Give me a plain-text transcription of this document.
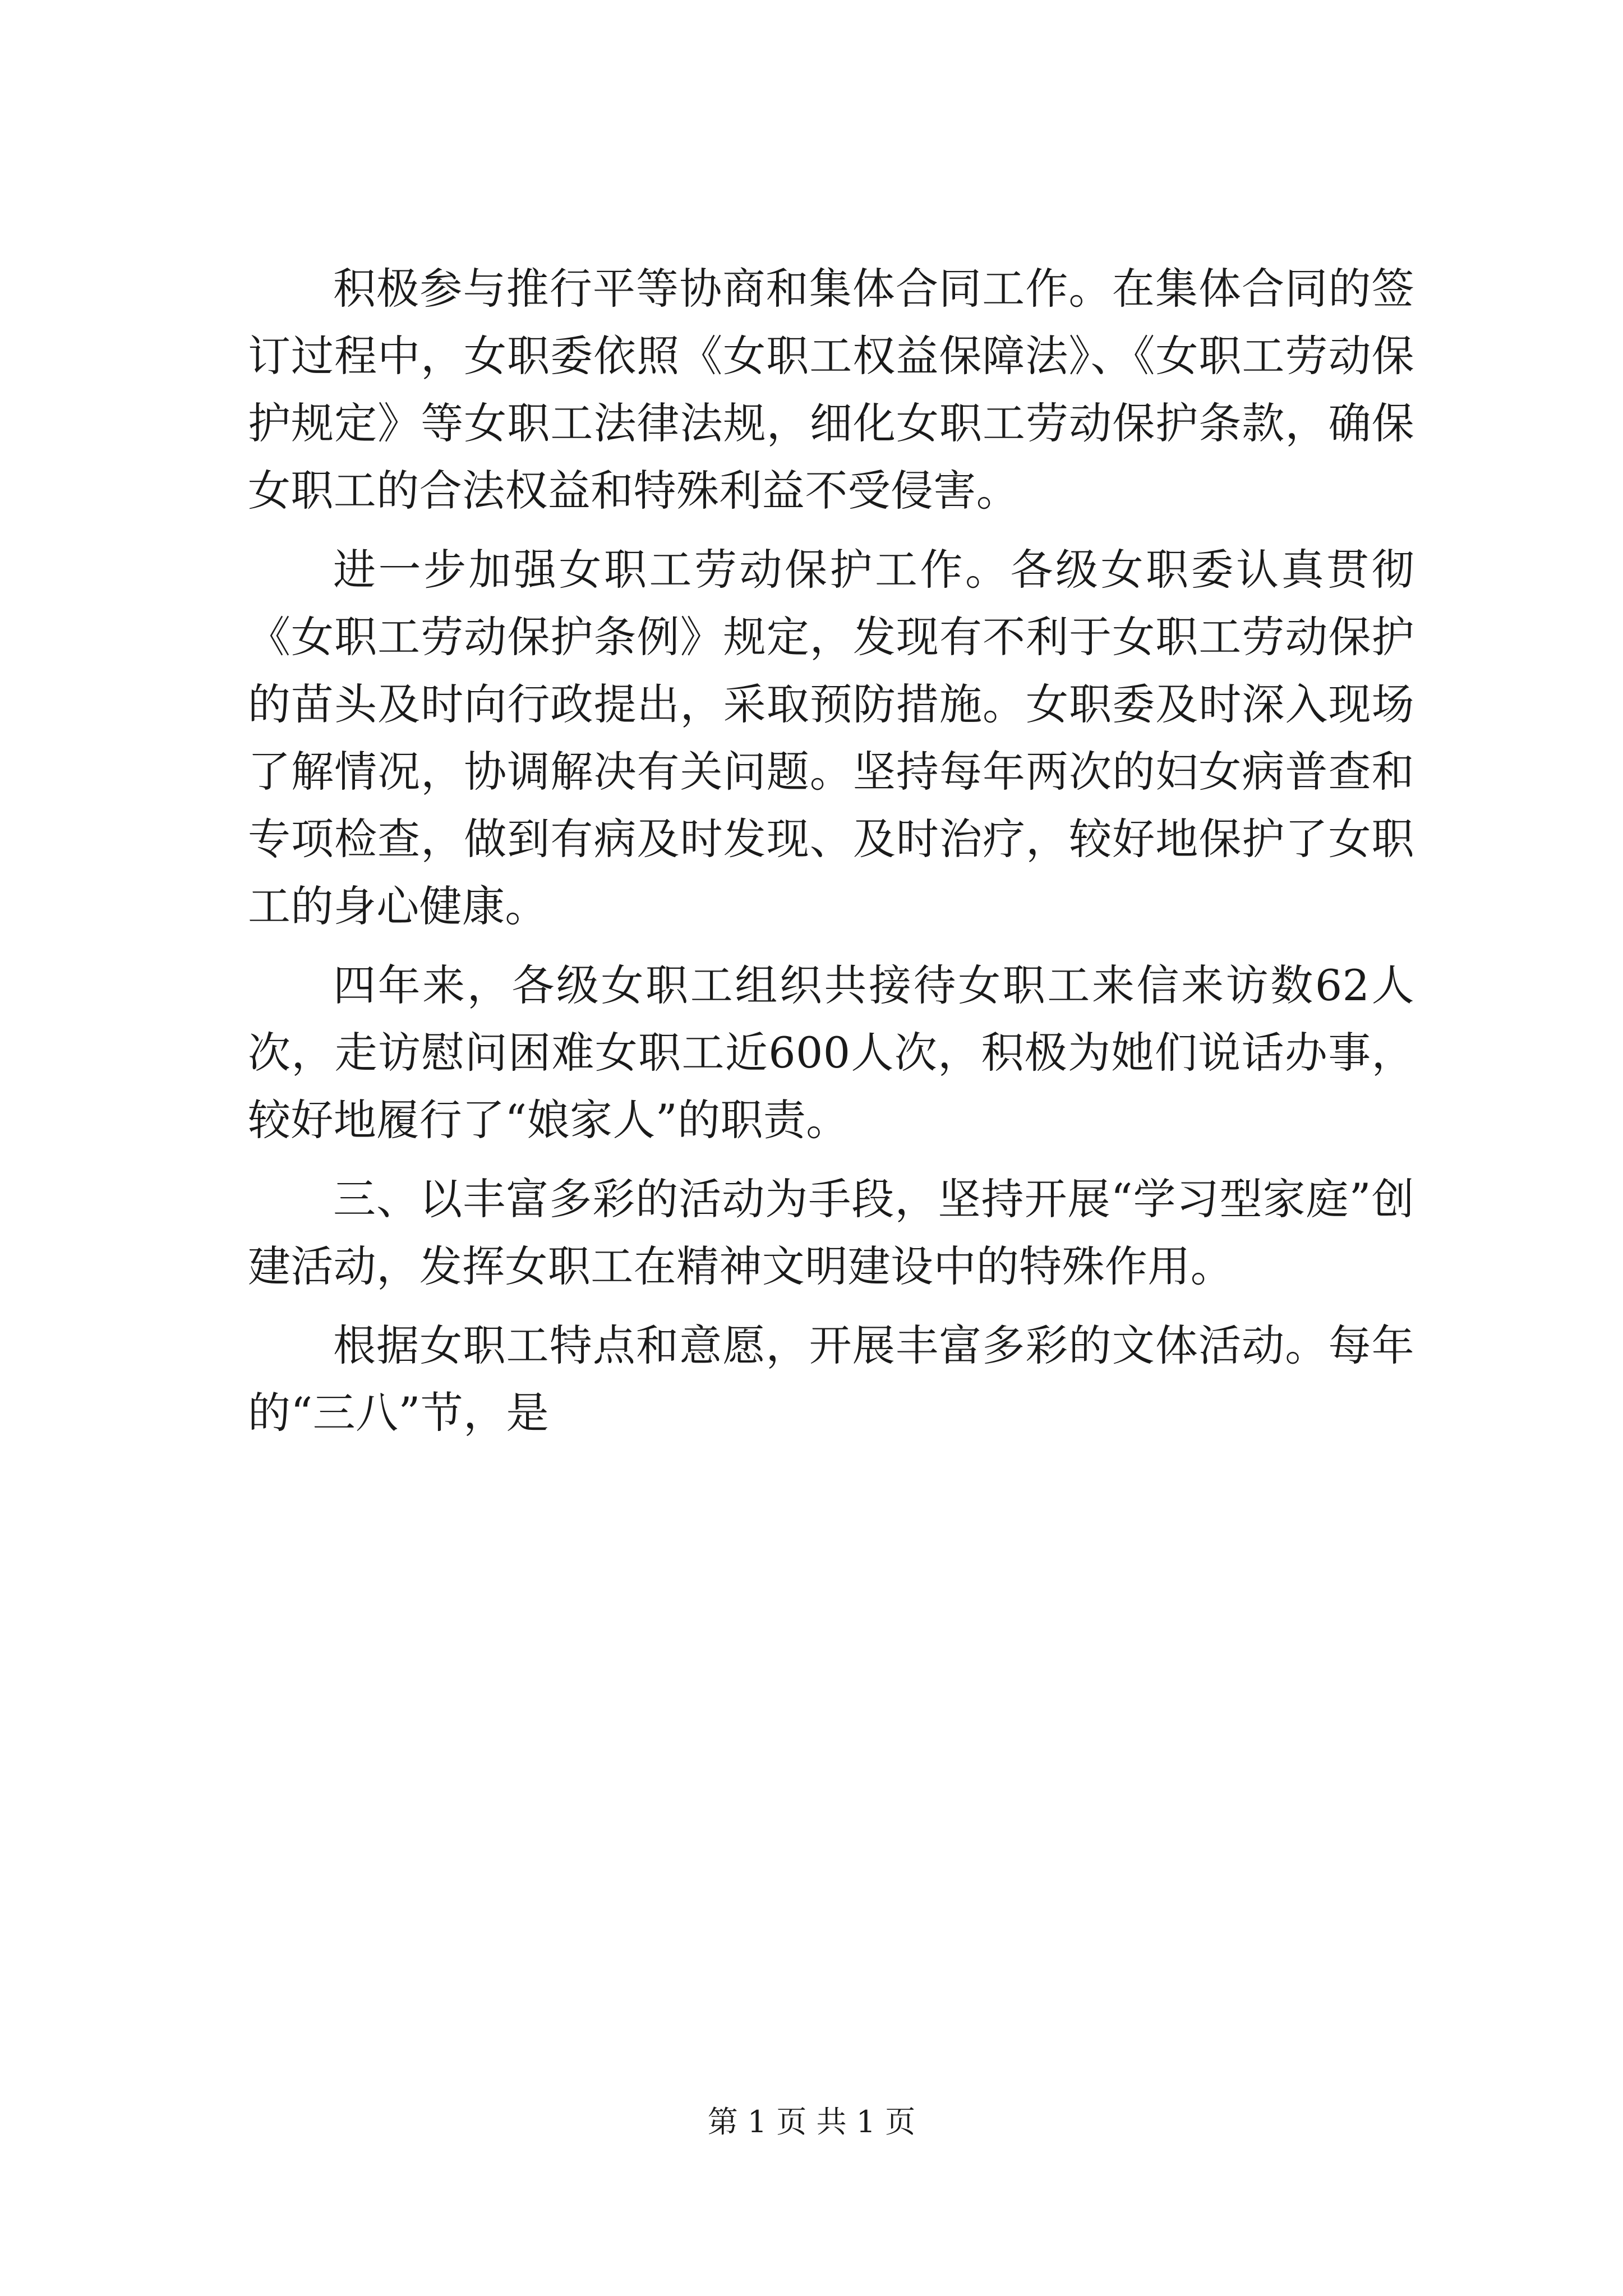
积极参与推行平等协商和集体合同工作。在集体合同的签订过程中，女职委依照《女职工权益保障法》、《女职工劳动保护规定》等女职工法律法规，细化女职工劳动保护条款，确保女职工的合法权益和特殊利益不受侵害。

进一步加强女职工劳动保护工作。各级女职委认真贯彻《女职工劳动保护条例》规定，发现有不利于女职工劳动保护的苗头及时向行政提出，采取预防措施。女职委及时深入现场了解情况，协调解决有关问题。坚持每年两次的妇女病普查和专项检查，做到有病及时发现、及时治疗，较好地保护了女职工的身心健康。

四年来，各级女职工组织共接待女职工来信来访数62人次，走访慰问困难女职工近600人次，积极为她们说话办事，较好地履行了“娘家人”的职责。

三、以丰富多彩的活动为手段，坚持开展“学习型家庭”创建活动，发挥女职工在精神文明建设中的特殊作用。

根据女职工特点和意愿，开展丰富多彩的文体活动。每年的“三八”节，是

第 1 页 共 1 页
